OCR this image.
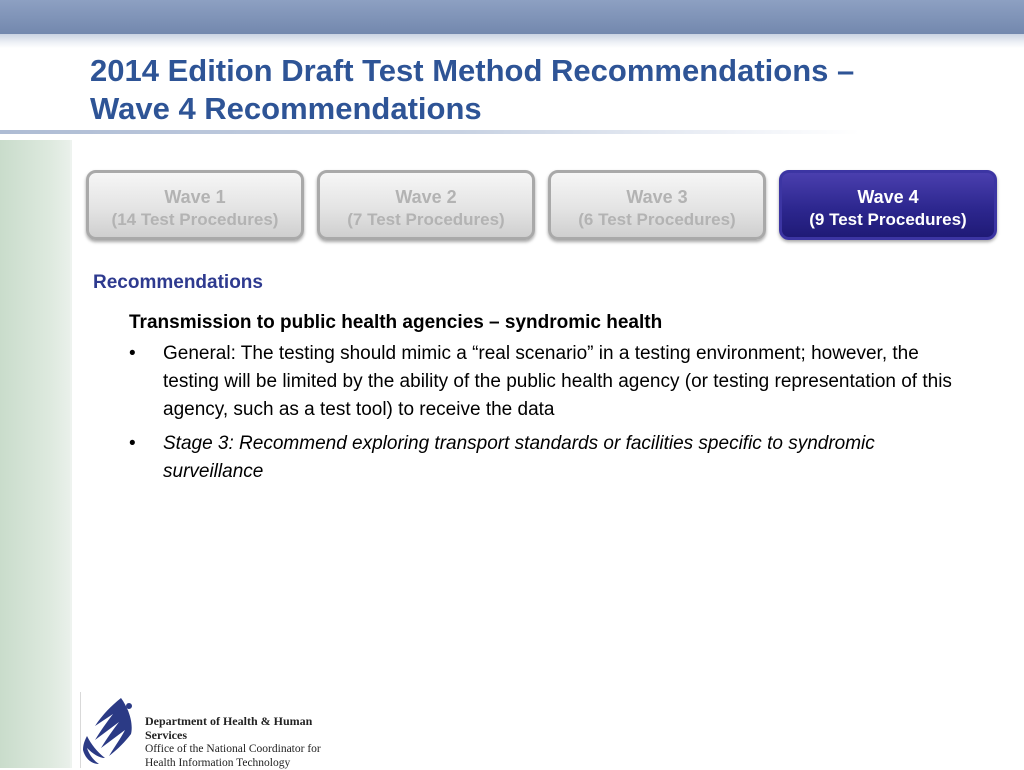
2014 Edition Draft Test Method Recommendations –
Wave 4 Recommendations
Wave 1
(14 Test Procedures)
Wave 2
(7 Test Procedures)
Wave 3
(6 Test Procedures)
Wave 4
(9 Test Procedures)
Recommendations
Transmission to public health agencies – syndromic health
• General: The testing should mimic a “real scenario” in a testing environment; however, the testing will be limited by the ability of the public health agency (or testing representation of this agency, such as a test tool) to receive the data
• Stage 3: Recommend exploring transport standards or facilities specific to syndromic surveillance
Department of Health & Human Services
Office of the National Coordinator for
Health Information Technology
